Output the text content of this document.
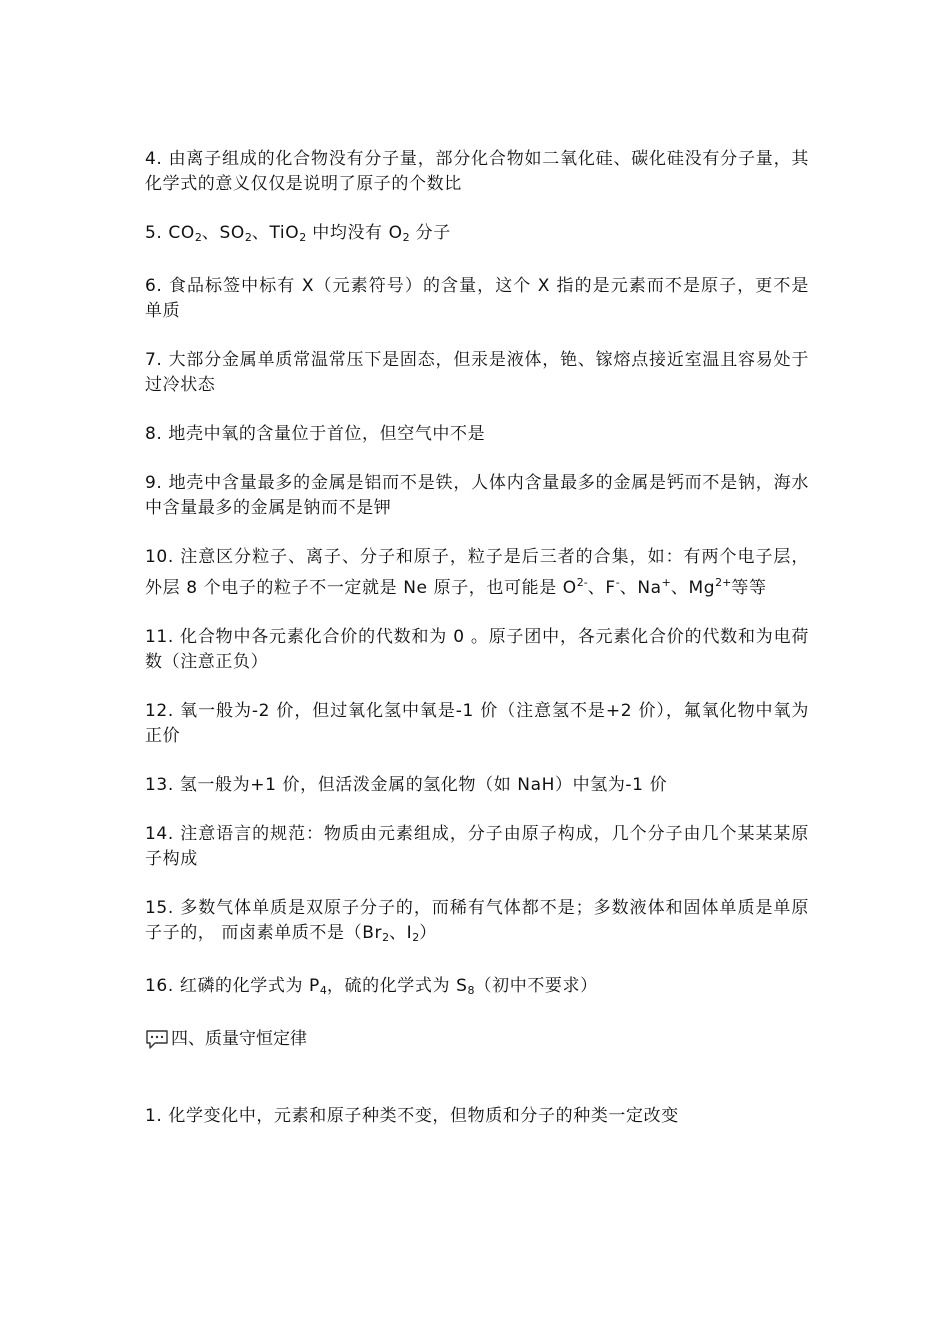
4. 由离子组成的化合物没有分子量，部分化合物如二氧化硅、碳化硅没有分子量，其化学式的意义仅仅是说明了原子的个数比

5. $CO_2$、$SO_2$、TiO$_2$ 中均没有 $O_2$ 分子

6. 食品标签中标有 X（元素符号）的含量，这个 X 指的是元素而不是原子，更不是单质

7. 大部分金属单质常温常压下是固态，但汞是液体，铯、镓熔点接近室温且容易处于过冷状态

8. 地壳中氧的含量位于首位，但空气中不是

9. 地壳中含量最多的金属是铝而不是铁，人体内含量最多的金属是钙而不是钠，海水中含量最多的金属是钠而不是钾

10. 注意区分粒子、离子、分子和原子，粒子是后三者的合集，如：有两个电子层，外层 8 个电子的粒子不一定就是 Ne 原子，也可能是 $O^{2-}$、F-、Na+、$Mg^{2+}$等等

11. 化合物中各元素化合价的代数和为 0 。原子团中，各元素化合价的代数和为电荷数（注意正负）

12. 氧一般为-2 价，但过氧化氢中氧是-1 价（注意氢不是+2 价），氟氧化物中氧为正价

13. 氢一般为+1 价，但活泼金属的氢化物（如 NaH）中氢为-1 价

14. 注意语言的规范：物质由元素组成，分子由原子构成，几个分子由几个某某某原子构成

15. 多数气体单质是双原子分子的，而稀有气体都不是；多数液体和固体单质是单原子子的， 而卤素单质不是（$Br_2$、$I_2$）

16. 红磷的化学式为 $P_4$，硫的化学式为 $S_8$（初中不要求）

四、质量守恒定律

1. 化学变化中，元素和原子种类不变，但物质和分子的种类一定改变
